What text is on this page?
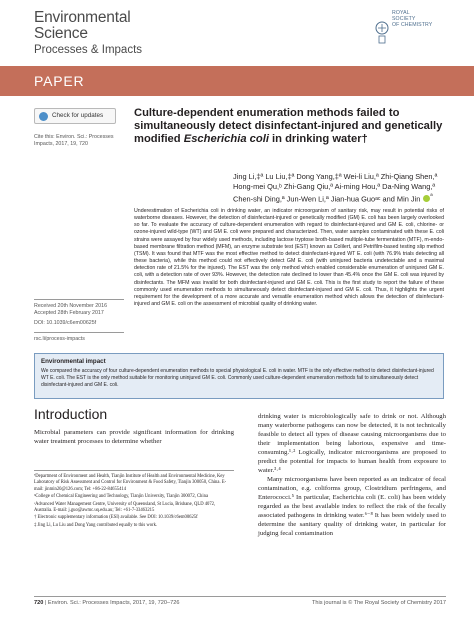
Environmental
Science
Processes & Impacts
ROYAL SOCIETY
OF CHEMISTRY
PAPER
Check for updates
Cite this: Environ. Sci.: Processes Impacts, 2017, 19, 720
Received 20th November 2016
Accepted 28th February 2017
DOI: 10.1039/c6em00625f
rsc.li/process-impacts
Culture-dependent enumeration methods failed to simultaneously detect disinfectant-injured and genetically modified Escherichia coli in drinking water†
Jing Li,‡ª Lu Liu,‡ª Dong Yang,‡ª Wei-li Liu,ª Zhi-Qiang Shen,ª Hong-mei Qu,ᵇ Zhi-Gang Qiu,ª Ai-ming Hou,ª Da-Ning Wang,ª Chen-shi Ding,ª Jun-Wen Li,ª Jian-hua Guoᵃᶜ and Min Jin $^ª$
Underestimation of Escherichia coli in drinking water, an indicator microorganism of sanitary risk, may result in potential risks of waterborne diseases. However, the detection of disinfectant-injured or genetically modified (GM) E. coli has been largely overlooked so far. To evaluate the accuracy of culture-dependent enumeration with regard to disinfectant-injured and GM E. coli, chlorine- or ozone-injured wild-type (WT) and GM E. coli were prepared and characterized. Then, water samples contaminated with these E. coli strains were assayed by four widely used methods, including lactose tryptose broth-based multiple-tube fermentation (MTF), m-endo-based membrane filtration method (MFM), an enzyme substrate test (EST) known as Colilert, and Petrifilm-based testing slip method (TSM). It was found that MTF was the most effective method to detect disinfectant-injured WT E. coli (with 76.9% trials detecting all these bacteria), while this method could not effectively detect GM E. coli (with uninjured bacteria undetectable and a maximal detection rate of 21.5% for the injured). The EST was the only method which enabled considerable enumeration of uninjured GM E. coli, with a detection rate of over 93%. However, the detection rate declined to lower than 45.4% once the GM E. coli was injured by disinfectants. The MFM was invalid for both disinfectant-injured and GM E. coli. This is the first study to report the failure of these commonly used enumeration methods to simultaneously detect disinfectant-injured and GM E. coli. Thus, it highlights the urgent requirement for the development of a more accurate and versatile enumeration method which allows the detection of disinfectant-injured and GM E. coli on the assessment of microbial quality of drinking water.
Environmental impact
We compared the accuracy of four culture-dependent enumeration methods to special physiological E. coli in water. MTF is the only effective method to detect disinfectant-injured WT E. coli. The EST is the only method suitable for monitoring uninjured GM E. coli. Commonly used culture-dependent enumeration methods fail to simultaneously detect disinfectant-injured and GM E. coli.
Introduction
Microbial parameters can provide significant information for drinking water treatment processes to determine whether

ªDepartment of Environment and Health, Tianjin Institute of Health and Environmental Medicine, Key Laboratory of Risk Assessment and Control for Environment & Food Safety, Tianjin 300050, China. E-mail: jinmin20@126.com; Tel: +86-22-84655414

ᵇCollege of Chemical Engineering and Technology, Tianjin University, Tianjin 300072, China

ᶜAdvanced Water Management Centre, University of Queensland, St Lucia, Brisbane, QLD 4072, Australia. E-mail: j.guo@awmc.uq.edu.au; Tel: +61-7-33463215

† Electronic supplementary information (ESI) available. See DOI: 10.1039/c6em00625f

‡ Jing Li, Lu Liu and Dong Yang contributed equally to this work.

drinking water is microbiologically safe to drink or not. Although many waterborne pathogens can now be detected, it is not technically feasible to detect all types of disease causing microorganisms due to their implementation being laborious, expensive and time-consuming.¹·² Logically, indicator microorganisms are proposed to predict the potential for impacts to human health from exposure to water.³·⁴

Many microorganisms have been reported as an indicator of fecal contamination, e.g. coliforms group, Clostridium perfringens, and Enterococci.⁵ In particular, Escherichia coli (E. coli) has been widely regarded as the best available index to reflect the risk of the fecally associated pathogens in drinking water.⁶⁻⁸ It has been widely used to determine the sanitary quality of drinking water, in particular for judging fecal contamination

720 | Environ. Sci.: Processes Impacts, 2017, 19, 720–726	This journal is © The Royal Society of Chemistry 2017
